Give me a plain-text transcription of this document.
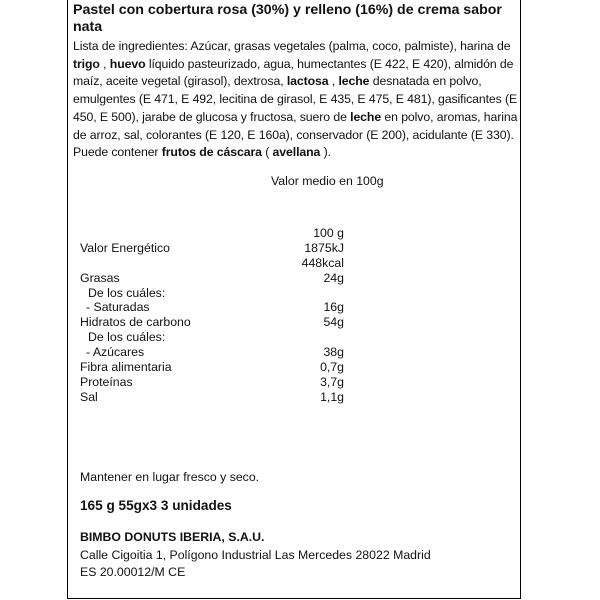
Pastel con cobertura rosa (30%) y relleno (16%) de crema sabor nata

Lista de ingredientes: Azúcar, grasas vegetales (palma, coco, palmiste), harina de trigo , huevo líquido pasteurizado, agua, humectantes (E 422, E 420), almidón de maíz, aceite vegetal (girasol), dextrosa, lactosa , leche desnatada en polvo, emulgentes (E 471, E 492, lecitina de girasol, E 435, E 475, E 481), gasificantes (E 450, E 500), jarabe de glucosa y fructosa, suero de leche en polvo, aromas, harina de arroz, sal, colorantes (E 120, E 160a), conservador (E 200), acidulante (E 330). Puede contener frutos de cáscara ( avellana ).

Valor medio en 100g
100 g
Valor Energético	1875kJ
448kcal
Grasas	24g
De los cuáles:
- Saturadas	16g
Hidratos de carbono	54g
De los cuáles:
- Azúcares	38g
Fibra alimentaria	0,7g
Proteínas	3,7g
Sal	1,1g
Mantener en lugar fresco y seco.
165 g 55gx3 3 unidades
BIMBO DONUTS IBERIA, S.A.U.
Calle Cigoitia 1, Polígono Industrial Las Mercedes 28022 Madrid
ES 20.00012/M CE
